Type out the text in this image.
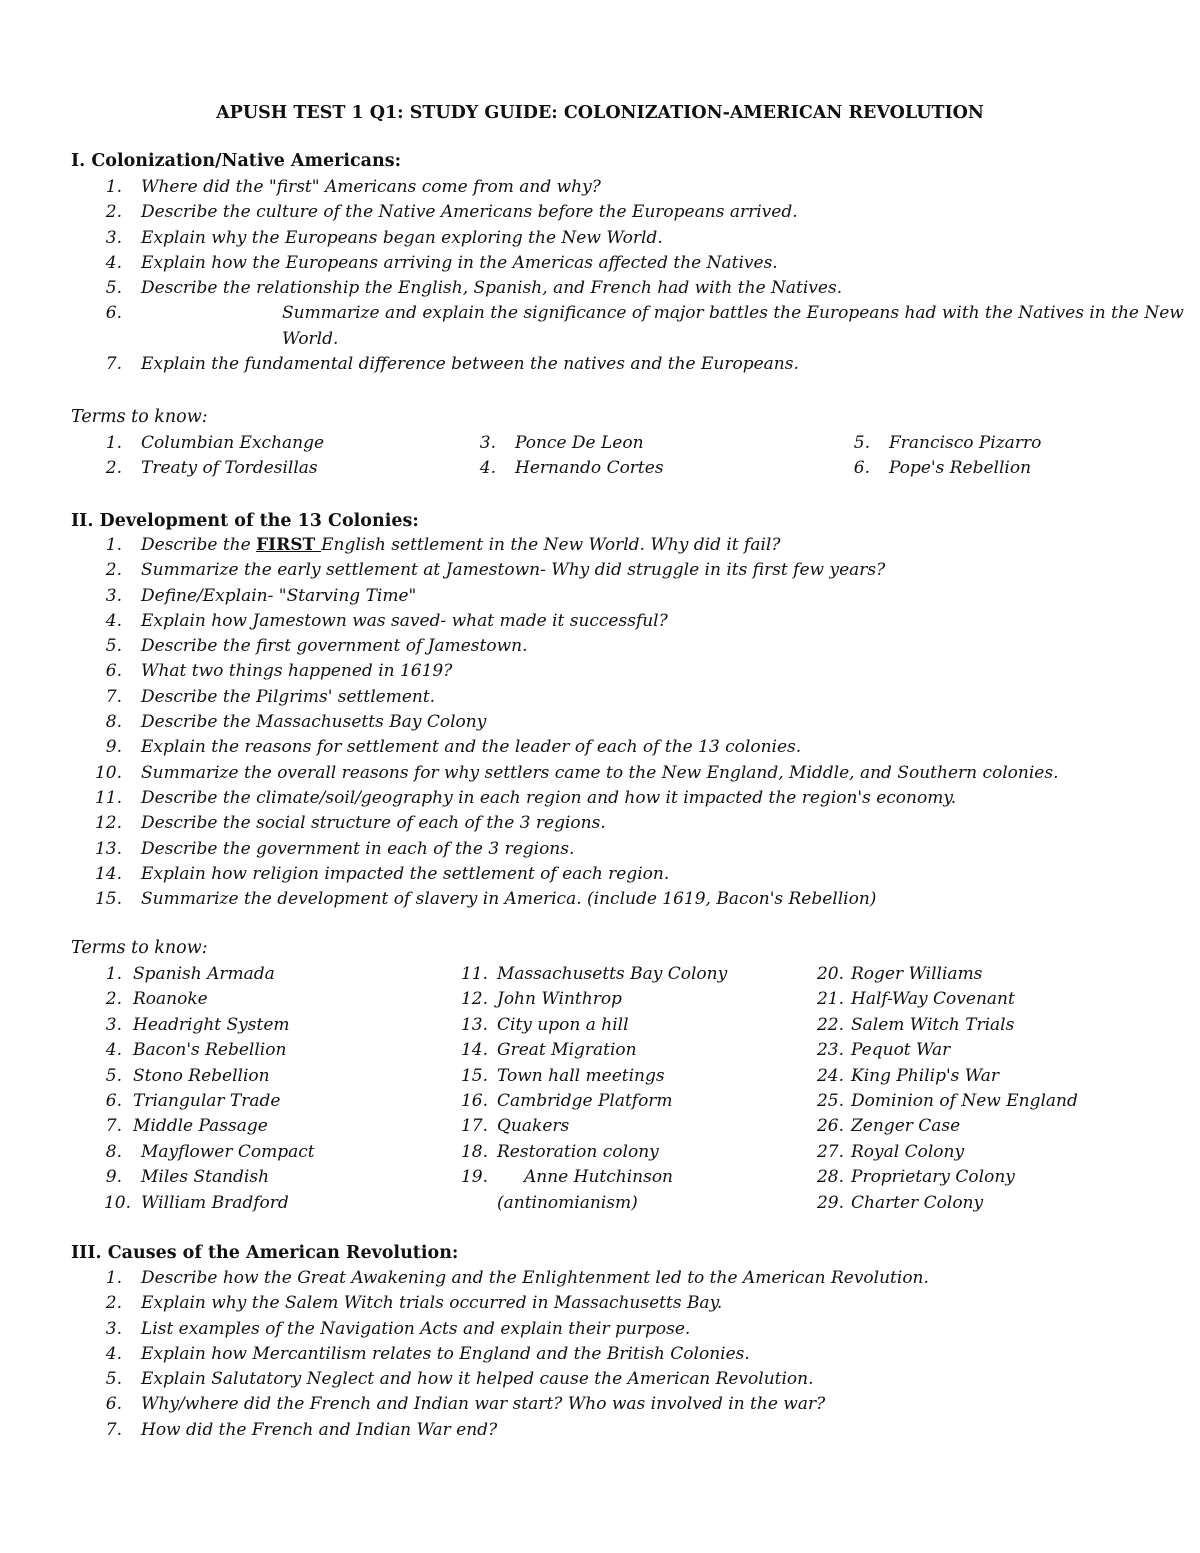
APUSH TEST 1 Q1: STUDY GUIDE: COLONIZATION-AMERICAN REVOLUTION
I. Colonization/Native Americans:
1. Where did the "first" Americans come from and why?
2. Describe the culture of the Native Americans before the Europeans arrived.
3. Explain why the Europeans began exploring the New World.
4. Explain how the Europeans arriving in the Americas affected the Natives.
5. Describe the relationship the English, Spanish, and French had with the Natives.
6.	Summarize and explain the significance of major battles the Europeans had with the Natives in the New World.
7. Explain the fundamental difference between the natives and the Europeans.
Terms to know:
1. Columbian Exchange
2. Treaty of Tordesillas
3. Ponce De Leon
4. Hernando Cortes
5. Francisco Pizarro
6. Pope's Rebellion
II. Development of the 13 Colonies:
1. Describe the FIRST English settlement in the New World. Why did it fail?
2. Summarize the early settlement at Jamestown- Why did struggle in its first few years?
3. Define/Explain- "Starving Time"
4. Explain how Jamestown was saved- what made it successful?
5. Describe the first government of Jamestown.
6. What two things happened in 1619?
7. Describe the Pilgrims' settlement.
8. Describe the Massachusetts Bay Colony
9. Explain the reasons for settlement and the leader of each of the 13 colonies.
10. Summarize the overall reasons for why settlers came to the New England, Middle, and Southern colonies.
11. Describe the climate/soil/geography in each region and how it impacted the region's economy.
12. Describe the social structure of each of the 3 regions.
13. Describe the government in each of the 3 regions.
14. Explain how religion impacted the settlement of each region.
15. Summarize the development of slavery in America. (include 1619, Bacon's Rebellion)
Terms to know:
1. Spanish Armada
2. Roanoke
3. Headright System
4. Bacon's Rebellion
5. Stono Rebellion
6. Triangular Trade
7. Middle Passage
8. Mayflower Compact
9. Miles Standish
10. William Bradford
11. Massachusetts Bay Colony
12. John Winthrop
13. City upon a hill
14. Great Migration
15. Town hall meetings
16. Cambridge Platform
17. Quakers
18. Restoration colony
19. Anne Hutchinson
(antinomianism)
20. Roger Williams
21. Half-Way Covenant
22. Salem Witch Trials
23. Pequot War
24. King Philip's War
25. Dominion of New England
26. Zenger Case
27. Royal Colony
28. Proprietary Colony
29. Charter Colony
III. Causes of the American Revolution:
1. Describe how the Great Awakening and the Enlightenment led to the American Revolution.
2. Explain why the Salem Witch trials occurred in Massachusetts Bay.
3. List examples of the Navigation Acts and explain their purpose.
4. Explain how Mercantilism relates to England and the British Colonies.
5. Explain Salutatory Neglect and how it helped cause the American Revolution.
6. Why/where did the French and Indian war start? Who was involved in the war?
7. How did the French and Indian War end?
